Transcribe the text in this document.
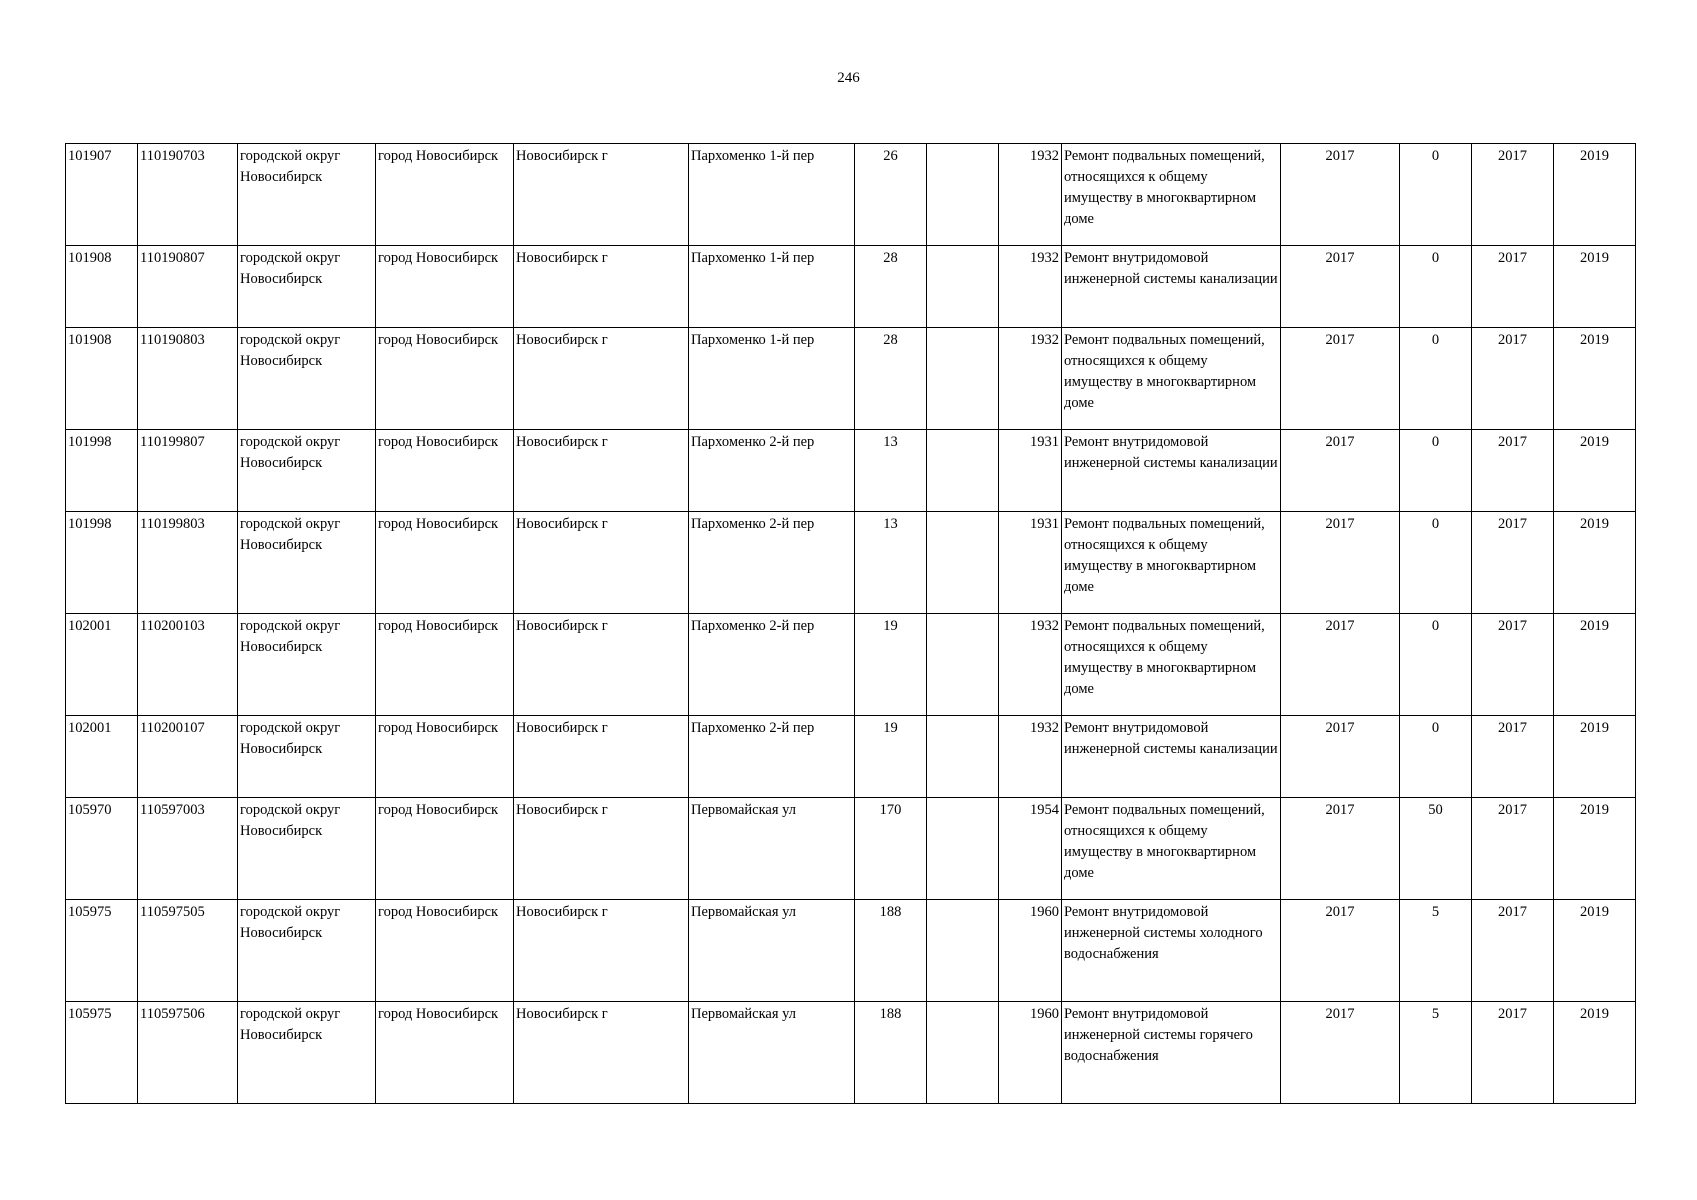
246
101907	110190703	городской округ Новосибирск	город Новосибирск	Новосибирск г	Пархоменко 1-й пер	26		1932	Ремонт подвальных помещений, относящихся к общему имуществу в многоквартирном доме	2017	0	2017	2019
101908	110190807	городской округ Новосибирск	город Новосибирск	Новосибирск г	Пархоменко 1-й пер	28		1932	Ремонт внутридомовой инженерной системы канализации	2017	0	2017	2019
101908	110190803	городской округ Новосибирск	город Новосибирск	Новосибирск г	Пархоменко 1-й пер	28		1932	Ремонт подвальных помещений, относящихся к общему имуществу в многоквартирном доме	2017	0	2017	2019
101998	110199807	городской округ Новосибирск	город Новосибирск	Новосибирск г	Пархоменко 2-й пер	13		1931	Ремонт внутридомовой инженерной системы канализации	2017	0	2017	2019
101998	110199803	городской округ Новосибирск	город Новосибирск	Новосибирск г	Пархоменко 2-й пер	13		1931	Ремонт подвальных помещений, относящихся к общему имуществу в многоквартирном доме	2017	0	2017	2019
102001	110200103	городской округ Новосибирск	город Новосибирск	Новосибирск г	Пархоменко 2-й пер	19		1932	Ремонт подвальных помещений, относящихся к общему имуществу в многоквартирном доме	2017	0	2017	2019
102001	110200107	городской округ Новосибирск	город Новосибирск	Новосибирск г	Пархоменко 2-й пер	19		1932	Ремонт внутридомовой инженерной системы канализации	2017	0	2017	2019
105970	110597003	городской округ Новосибирск	город Новосибирск	Новосибирск г	Первомайская ул	170		1954	Ремонт подвальных помещений, относящихся к общему имуществу в многоквартирном доме	2017	50	2017	2019
105975	110597505	городской округ Новосибирск	город Новосибирск	Новосибирск г	Первомайская ул	188		1960	Ремонт внутридомовой инженерной системы холодного водоснабжения	2017	5	2017	2019
105975	110597506	городской округ Новосибирск	город Новосибирск	Новосибирск г	Первомайская ул	188		1960	Ремонт внутридомовой инженерной системы горячего водоснабжения	2017	5	2017	2019
